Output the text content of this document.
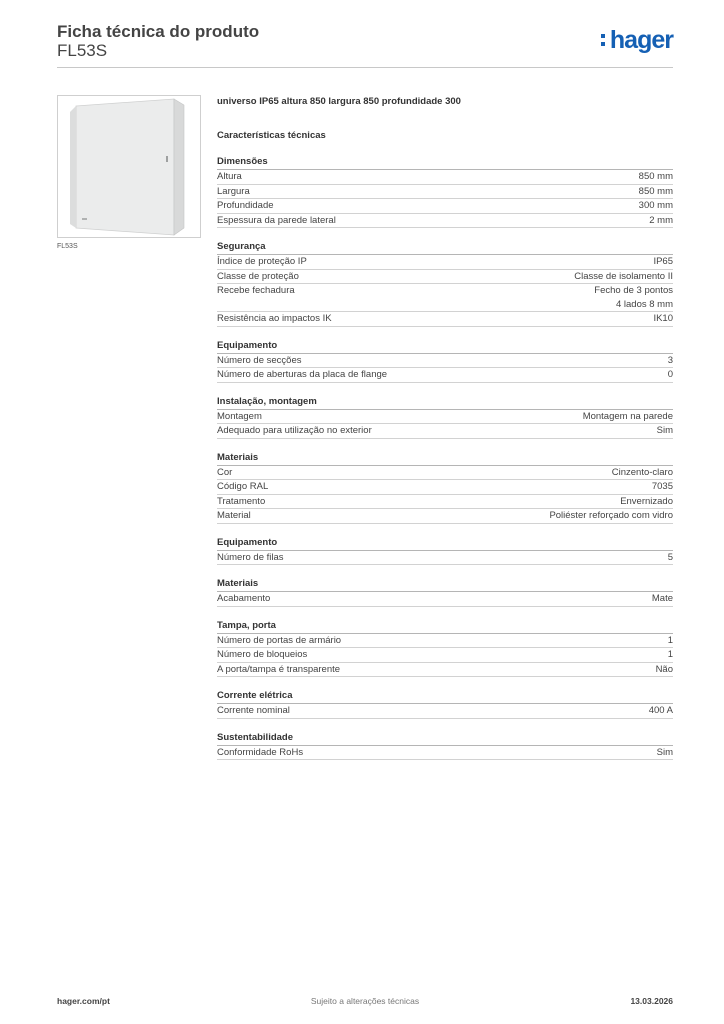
Ficha técnica do produto
FL53S	hager
FL53S
universo IP65 altura 850 largura 850 profundidade 300
Características técnicas
Dimensões
Altura	850 mm
Largura	850 mm
Profundidade	300 mm
Espessura da parede lateral	2 mm
Segurança
Índice de proteção IP	IP65
Classe de proteção	Classe de isolamento II
Recebe fechadura	Fecho de 3 pontos
4 lados 8 mm
Resistência ao impactos IK	IK10
Equipamento
Número de secções	3
Número de aberturas da placa de flange	0
Instalação, montagem
Montagem	Montagem na parede
Adequado para utilização no exterior	Sim
Materiais
Cor	Cinzento-claro
Código RAL	7035
Tratamento	Envernizado
Material	Poliéster reforçado com vidro
Equipamento
Número de filas	5
Materiais
Acabamento	Mate
Tampa, porta
Número de portas de armário	1
Número de bloqueios	1
A porta/tampa é transparente	Não
Corrente elétrica
Corrente nominal	400 A
Sustentabilidade
Conformidade RoHs	Sim
hager.com/pt	Sujeito a alterações técnicas	13.03.2026
